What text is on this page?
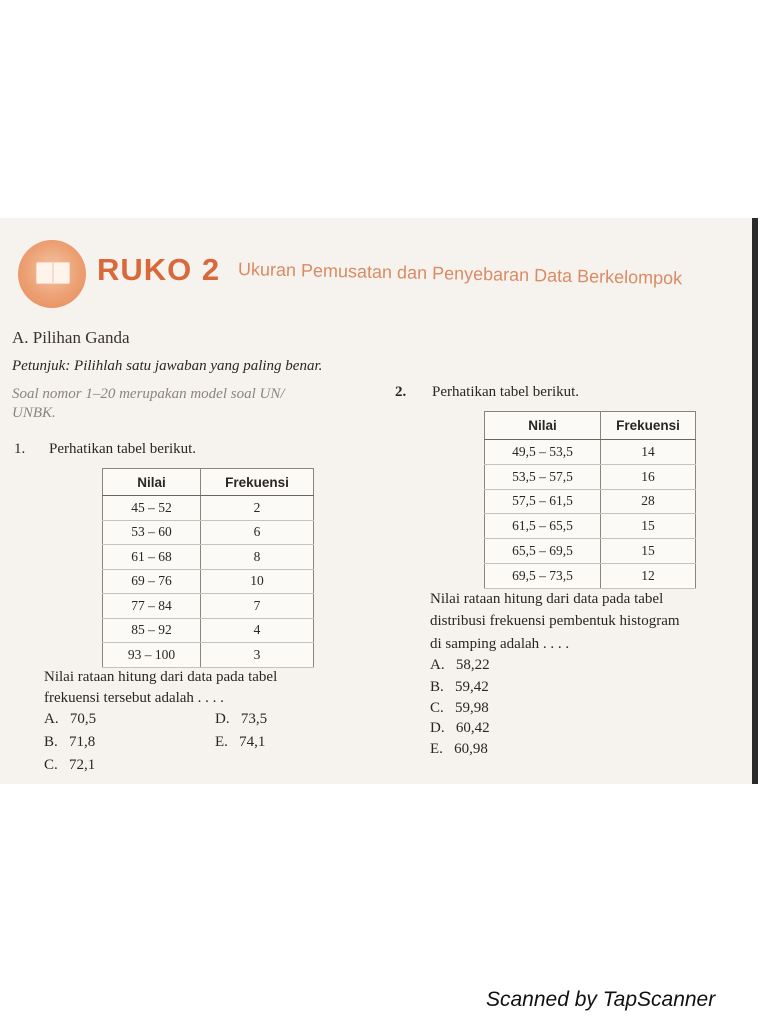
RUKO 2 Ukuran Pemusatan dan Penyebaran Data Berkelompok
A. Pilihan Ganda
Petunjuk: Pilihlah satu jawaban yang paling benar.
Soal nomor 1–20 merupakan model soal UN/
UNBK.
1. Perhatikan tabel berikut.
Nilai	Frekuensi
45 – 52	2
53 – 60	6
61 – 68	8
69 – 76	10
77 – 84	7
85 – 92	4
93 – 100	3
Nilai rataan hitung dari data pada tabel
frekuensi tersebut adalah . . . .
A. 70,5
B. 71,8
C. 72,1
D. 73,5
E. 74,1
2. Perhatikan tabel berikut.
Nilai	Frekuensi
49,5 – 53,5	14
53,5 – 57,5	16
57,5 – 61,5	28
61,5 – 65,5	15
65,5 – 69,5	15
69,5 – 73,5	12
Nilai rataan hitung dari data pada tabel
distribusi frekuensi pembentuk histogram
di samping adalah . . . .
A. 58,22
B. 59,42
C. 59,98
D. 60,42
E. 60,98
Scanned by TapScanner
